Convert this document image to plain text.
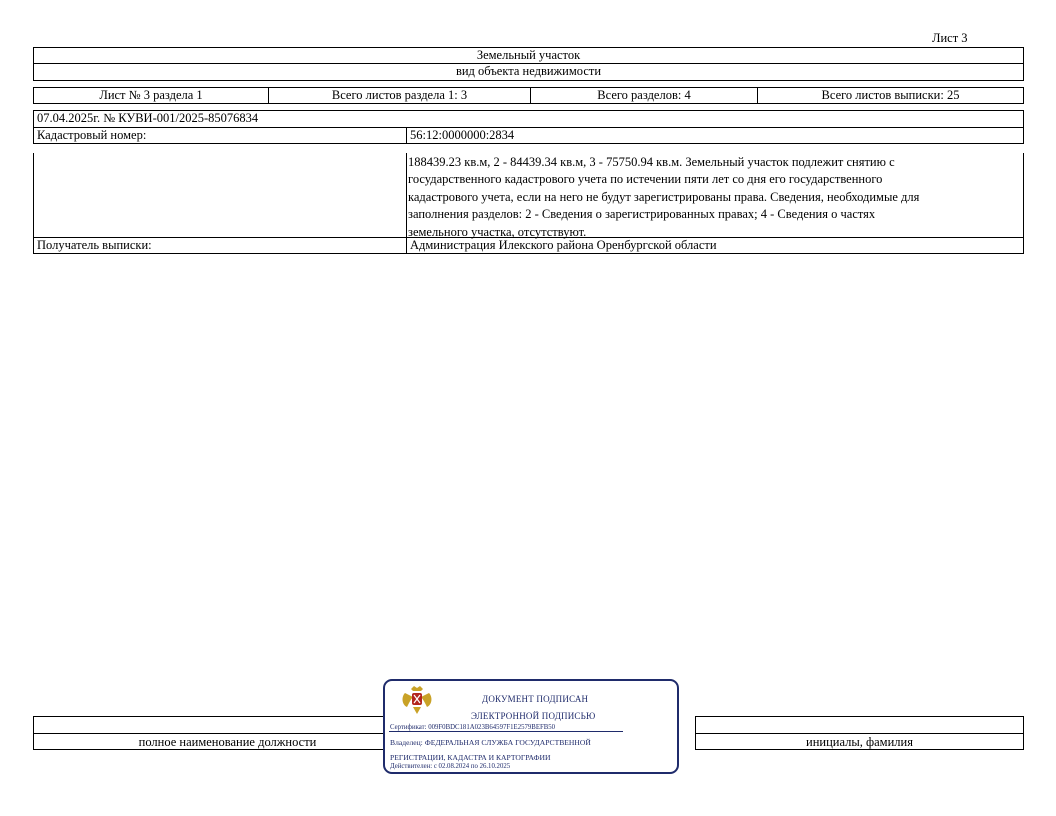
Лист 3
Земельный участок
вид объекта недвижимости
Лист № 3 раздела 1	Всего листов раздела 1: 3	Всего разделов: 4	Всего листов выписки: 25
07.04.2025г. № КУВИ-001/2025-85076834
Кадастровый номер:	56:12:0000000:2834
188439.23 кв.м, 2 - 84439.34 кв.м, 3 - 75750.94 кв.м. Земельный участок подлежит снятию с
государственного кадастрового учета по истечении пяти лет со дня его государственного
кадастрового учета, если на него не будут зарегистрированы права. Сведения, необходимые для
заполнения разделов: 2 - Сведения о зарегистрированных правах; 4 - Сведения о частях
земельного участка, отсутствуют.
Получатель выписки:	Администрация Илекского района Оренбургской области
полное наименование должности	инициалы, фамилия
ДОКУМЕНТ ПОДПИСАН
ЭЛЕКТРОННОЙ ПОДПИСЬЮ
Сертификат: 009F0BDC181A023B64597F1E2579BEFB50
Владелец: ФЕДЕРАЛЬНАЯ СЛУЖБА ГОСУДАРСТВЕННОЙ
РЕГИСТРАЦИИ, КАДАСТРА И КАРТОГРАФИИ
Действителен: с 02.08.2024 по 26.10.2025
